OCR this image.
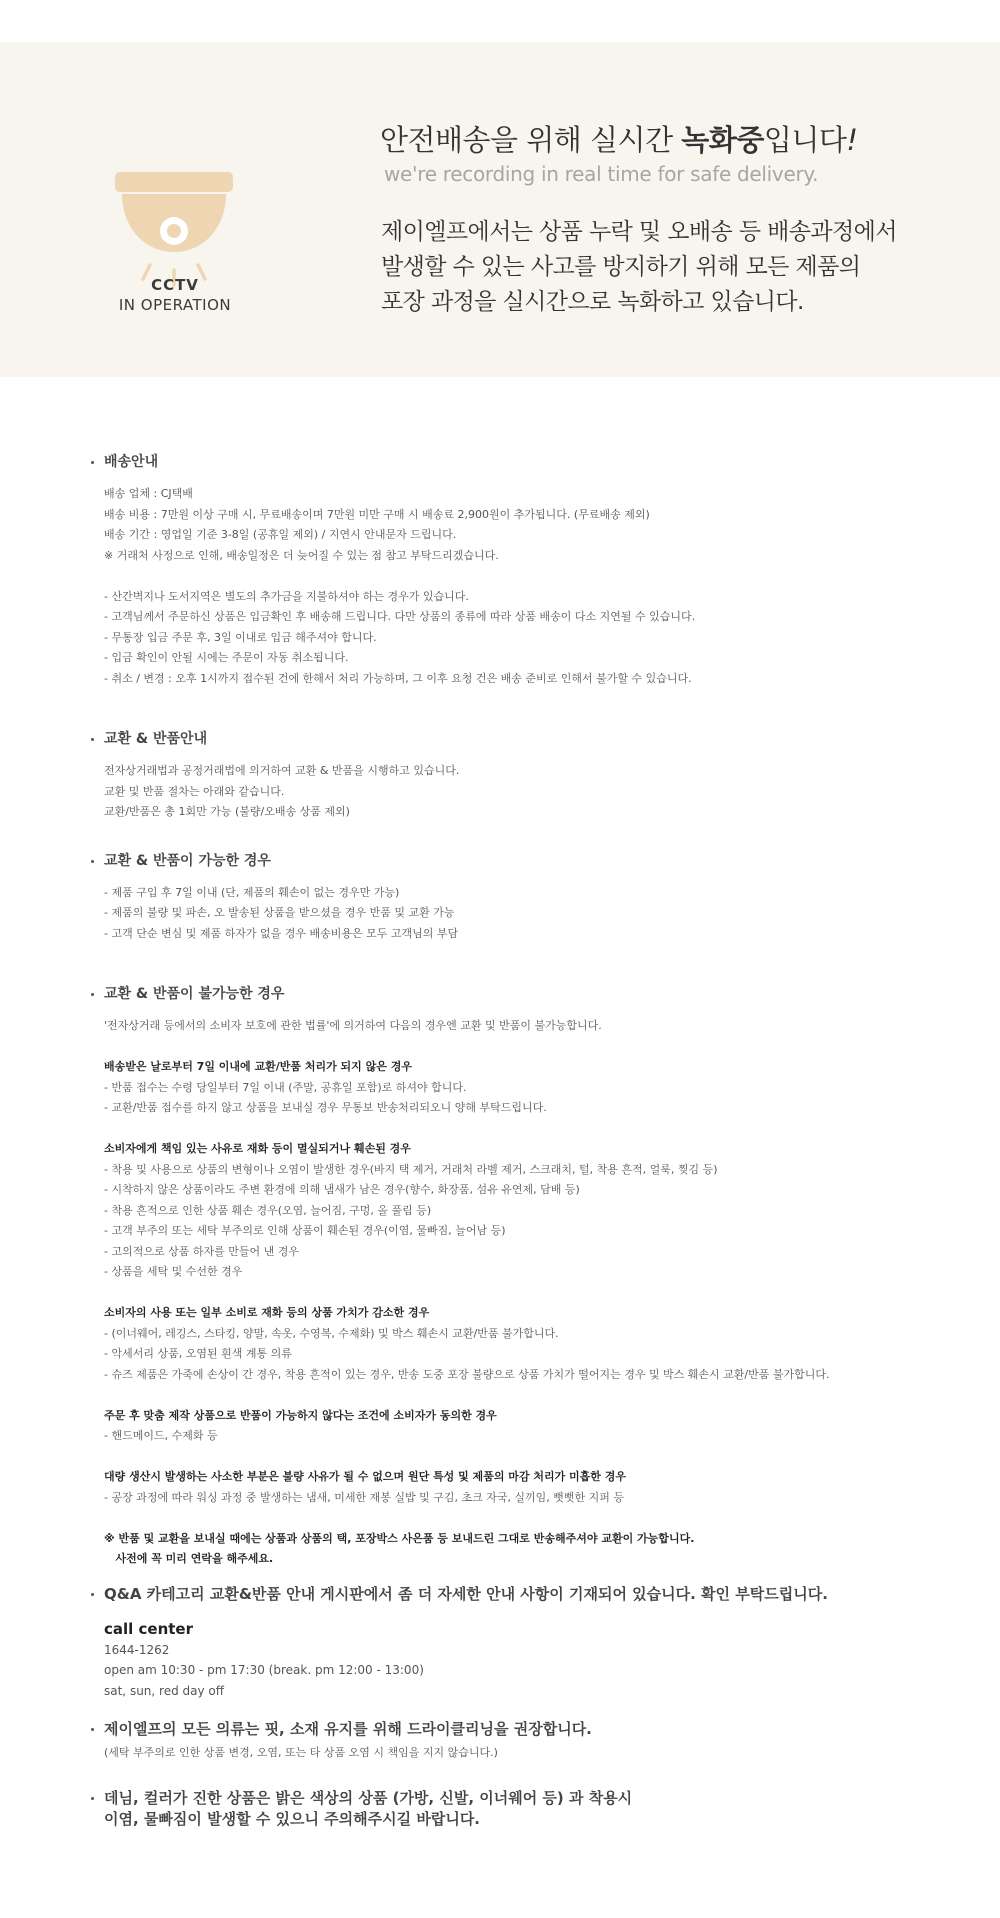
CCTV
IN OPERATION
안전배송을 위해 실시간 녹화중입니다!
we're recording in real time for safe delivery.
제이엘프에서는 상품 누락 및 오배송 등 배송과정에서
발생할 수 있는 사고를 방지하기 위해 모든 제품의
포장 과정을 실시간으로 녹화하고 있습니다.
배송안내
배송 업체 : CJ택배
배송 비용 : 7만원 이상 구매 시, 무료배송이며 7만원 미만 구매 시 배송료 2,900원이 추가됩니다. (무료배송 제외)
배송 기간 : 영업일 기준 3-8일 (공휴일 제외) / 지연시 안내문자 드립니다.
※ 거래처 사정으로 인해, 배송일정은 더 늦어질 수 있는 점 참고 부탁드리겠습니다.
- 산간벽지나 도서지역은 별도의 추가금을 지불하셔야 하는 경우가 있습니다.
- 고객님께서 주문하신 상품은 입금확인 후 배송해 드립니다. 다만 상품의 종류에 따라 상품 배송이 다소 지연될 수 있습니다.
- 무통장 입금 주문 후, 3일 이내로 입금 해주셔야 합니다.
- 입금 확인이 안될 시에는 주문이 자동 취소됩니다.
- 취소 / 변경 : 오후 1시까지 접수된 건에 한해서 처리 가능하며, 그 이후 요청 건은 배송 준비로 인해서 불가할 수 있습니다.
교환 & 반품안내
전자상거래법과 공정거래법에 의거하여 교환 & 반품을 시행하고 있습니다.
교환 및 반품 절차는 아래와 같습니다.
교환/반품은 총 1회만 가능 (불량/오배송 상품 제외)
교환 & 반품이 가능한 경우
- 제품 구입 후 7일 이내 (단, 제품의 훼손이 없는 경우만 가능)
- 제품의 불량 및 파손, 오 발송된 상품을 받으셨을 경우 반품 및 교환 가능
- 고객 단순 변심 및 제품 하자가 없을 경우 배송비용은 모두 고객님의 부담
교환 & 반품이 불가능한 경우
'전자상거래 등에서의 소비자 보호에 관한 법률'에 의거하여 다음의 경우엔 교환 및 반품이 불가능합니다.
배송받은 날로부터 7일 이내에 교환/반품 처리가 되지 않은 경우
- 반품 접수는 수령 당일부터 7일 이내 (주말, 공휴일 포함)로 하셔야 합니다.
- 교환/반품 접수를 하지 않고 상품을 보내실 경우 무통보 반송처리되오니 양해 부탁드립니다.
소비자에게 책임 있는 사유로 재화 등이 멸실되거나 훼손된 경우
- 착용 및 사용으로 상품의 변형이나 오염이 발생한 경우(바지 택 제거, 거래처 라벨 제거, 스크래치, 털, 착용 흔적, 얼룩, 찢김 등)
- 시착하지 않은 상품이라도 주변 환경에 의해 냄새가 남은 경우(향수, 화장품, 섬유 유연제, 담배 등)
- 착용 흔적으로 인한 상품 훼손 경우(오염, 늘어짐, 구멍, 올 풀림 등)
- 고객 부주의 또는 세탁 부주의로 인해 상품이 훼손된 경우(이염, 물빠짐, 늘어남 등)
- 고의적으로 상품 하자를 만들어 낸 경우
- 상품을 세탁 및 수선한 경우
소비자의 사용 또는 일부 소비로 재화 등의 상품 가치가 감소한 경우
- (이너웨어, 레깅스, 스타킹, 양말, 속옷, 수영복, 수제화) 및 박스 훼손시 교환/반품 불가합니다.
- 악세서리 상품, 오염된 흰색 계통 의류
- 슈즈 제품은 가죽에 손상이 간 경우, 착용 흔적이 있는 경우, 반송 도중 포장 불량으로 상품 가치가 떨어지는 경우 및 박스 훼손시 교환/반품 불가합니다.
주문 후 맞춤 제작 상품으로 반품이 가능하지 않다는 조건에 소비자가 동의한 경우
- 핸드메이드, 수제화 등
대량 생산시 발생하는 사소한 부분은 불량 사유가 될 수 없으며 원단 특성 및 제품의 마감 처리가 미흡한 경우
- 공장 과정에 따라 워싱 과정 중 발생하는 냄새, 미세한 재봉 실밥 및 구김, 초크 자국, 실끼임, 뻣뻣한 지퍼 등
※ 반품 및 교환을 보내실 때에는 상품과 상품의 택, 포장박스 사은품 등 보내드린 그대로 반송해주셔야 교환이 가능합니다.
사전에 꼭 미리 연락을 해주세요.
Q&A 카테고리 교환&반품 안내 게시판에서 좀 더 자세한 안내 사항이 기재되어 있습니다. 확인 부탁드립니다.
call center
1644-1262
open am 10:30 - pm 17:30 (break. pm 12:00 - 13:00)
sat, sun, red day off
제이엘프의 모든 의류는 핏, 소재 유지를 위해 드라이클리닝을 권장합니다.
(세탁 부주의로 인한 상품 변경, 오염, 또는 타 상품 오염 시 책임을 지지 않습니다.)
데님, 컬러가 진한 상품은 밝은 색상의 상품 (가방, 신발, 이너웨어 등) 과 착용시
이염, 물빠짐이 발생할 수 있으니 주의해주시길 바랍니다.
